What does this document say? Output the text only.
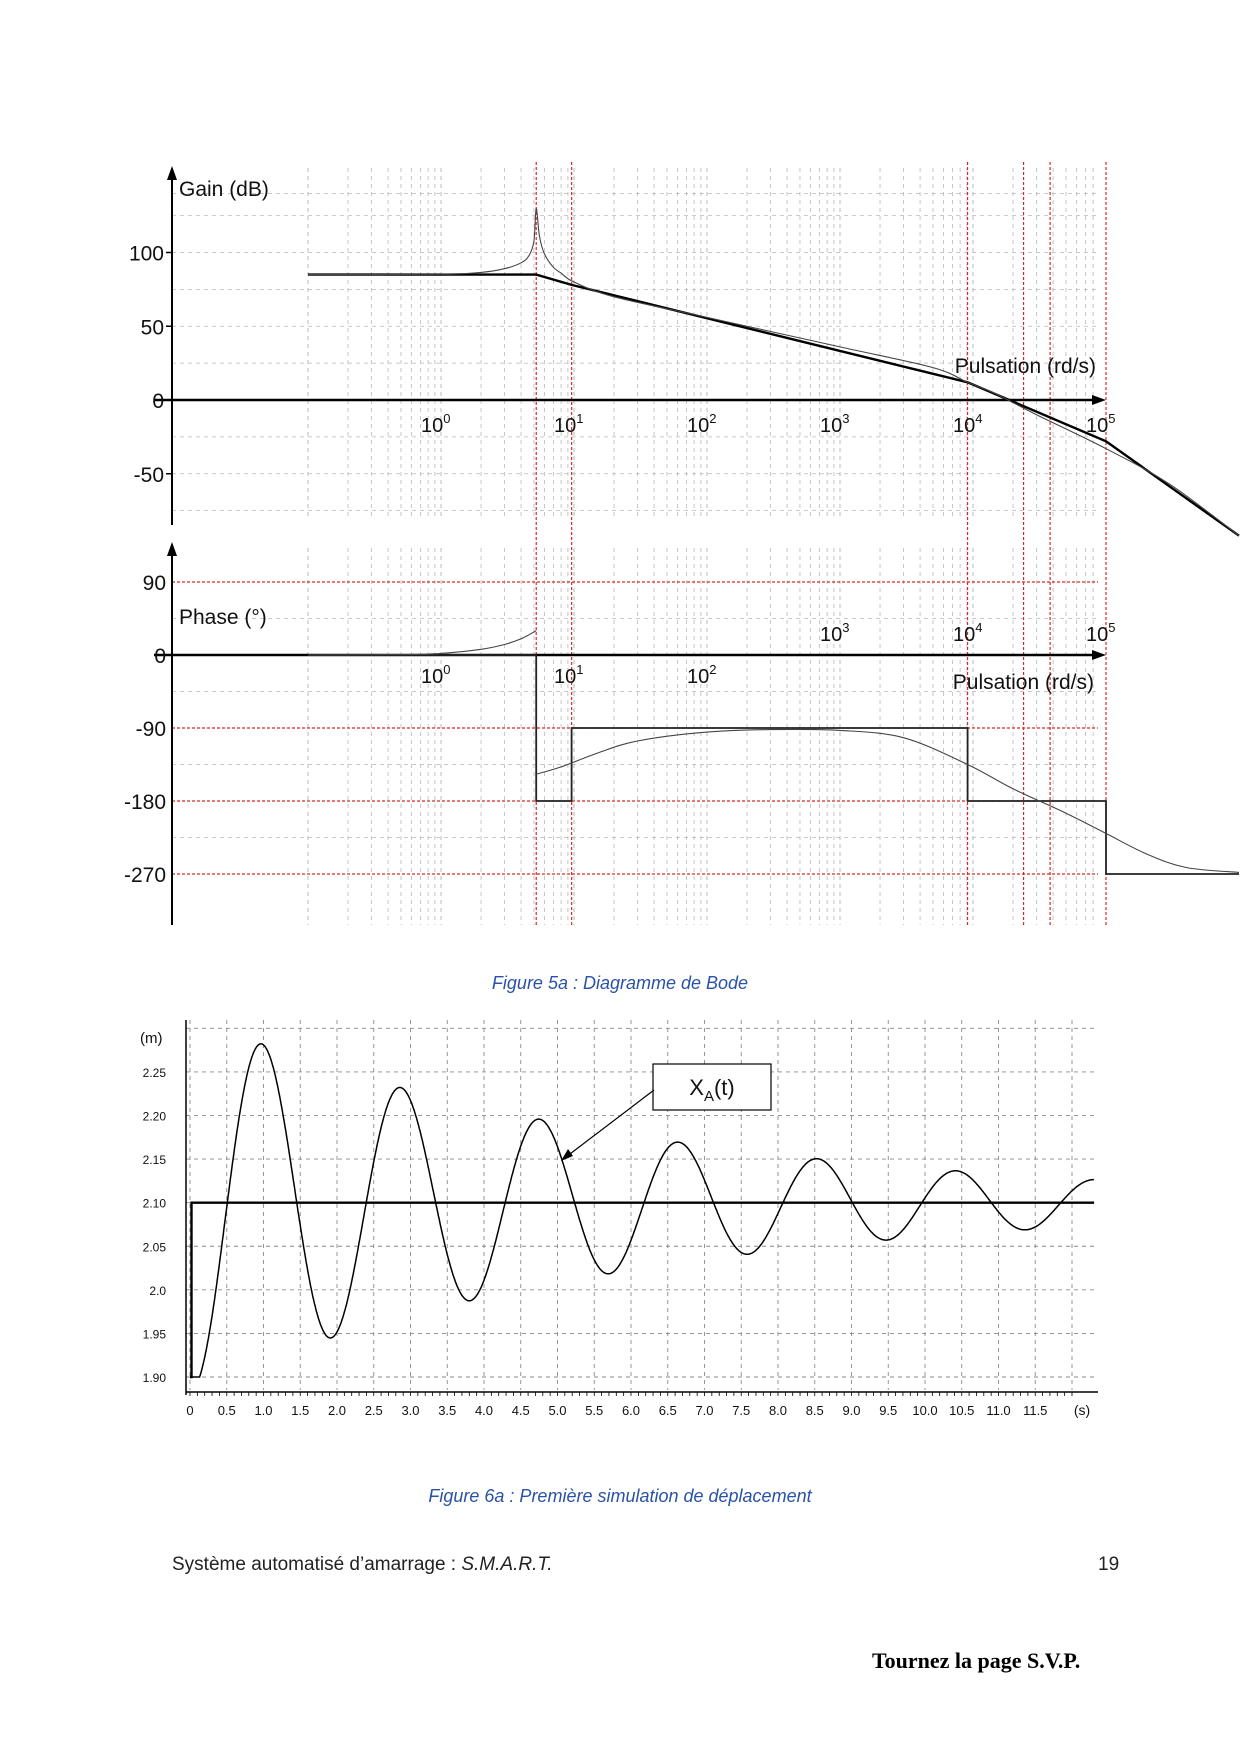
Gain (dB)
Pulsation (rd/s)
Phase (°)
Pulsation (rd/s)
100
50
0
-50
90
0
-90
-180
-270
$10^0$	$10^1$	$10^2$	$10^3$	$10^4$	$10^5$
$10^0$	$10^1$	$10^2$
$10^3$	$10^4$	$10^5$
(m)
1.90
1.95
2.0
2.05
2.10
2.15
2.20
2.25
0 0.5 1.0 1.5 2.0 2.5 3.0 3.5 4.0 4.5 5.0 5.5 6.0 6.5 7.0 7.5 8.0 8.5 9.0 9.5 10.0 10.5 11.0 11.5 (s)
$X_A(t)$
Figure 5a : Diagramme de Bode
Figure 6a : Première simulation de déplacement
Système automatisé d’amarrage : S.M.A.R.T.	19
Tournez la page S.V.P.
